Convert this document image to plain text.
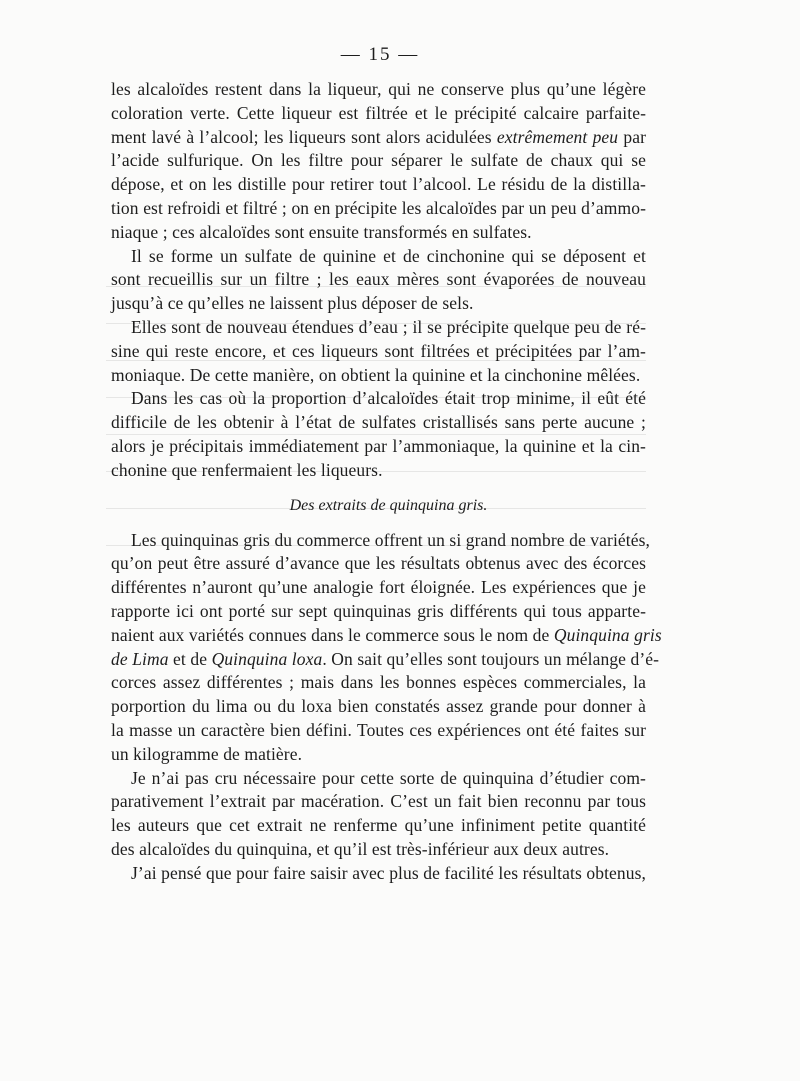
— 15 —
les alcaloïdes restent dans la liqueur, qui ne conserve plus qu’une légère
coloration verte. Cette liqueur est filtrée et le précipité calcaire parfaite-
ment lavé à l’alcool; les liqueurs sont alors acidulées extrêmement peu par
l’acide sulfurique. On les filtre pour séparer le sulfate de chaux qui se
dépose, et on les distille pour retirer tout l’alcool. Le résidu de la distilla-
tion est refroidi et filtré ; on en précipite les alcaloïdes par un peu d’ammo-
niaque ; ces alcaloïdes sont ensuite transformés en sulfates.
Il se forme un sulfate de quinine et de cinchonine qui se déposent et
sont recueillis sur un filtre ; les eaux mères sont évaporées de nouveau
jusqu’à ce qu’elles ne laissent plus déposer de sels.
Elles sont de nouveau étendues d’eau ; il se précipite quelque peu de ré-
sine qui reste encore, et ces liqueurs sont filtrées et précipitées par l’am-
moniaque. De cette manière, on obtient la quinine et la cinchonine mêlées.
Dans les cas où la proportion d’alcaloïdes était trop minime, il eût été
difficile de les obtenir à l’état de sulfates cristallisés sans perte aucune ;
alors je précipitais immédiatement par l’ammoniaque, la quinine et la cin-
chonine que renfermaient les liqueurs.
Des extraits de quinquina gris.
Les quinquinas gris du commerce offrent un si grand nombre de variétés,
qu’on peut être assuré d’avance que les résultats obtenus avec des écorces
différentes n’auront qu’une analogie fort éloignée. Les expériences que je
rapporte ici ont porté sur sept quinquinas gris différents qui tous apparte-
naient aux variétés connues dans le commerce sous le nom de Quinquina gris
de Lima et de Quinquina loxa. On sait qu’elles sont toujours un mélange d’é-
corces assez différentes ; mais dans les bonnes espèces commerciales, la
porportion du lima ou du loxa bien constatés assez grande pour donner à
la masse un caractère bien défini. Toutes ces expériences ont été faites sur
un kilogramme de matière.
Je n’ai pas cru nécessaire pour cette sorte de quinquina d’étudier com-
parativement l’extrait par macération. C’est un fait bien reconnu par tous
les auteurs que cet extrait ne renferme qu’une infiniment petite quantité
des alcaloïdes du quinquina, et qu’il est très-inférieur aux deux autres.
J’ai pensé que pour faire saisir avec plus de facilité les résultats obtenus,
